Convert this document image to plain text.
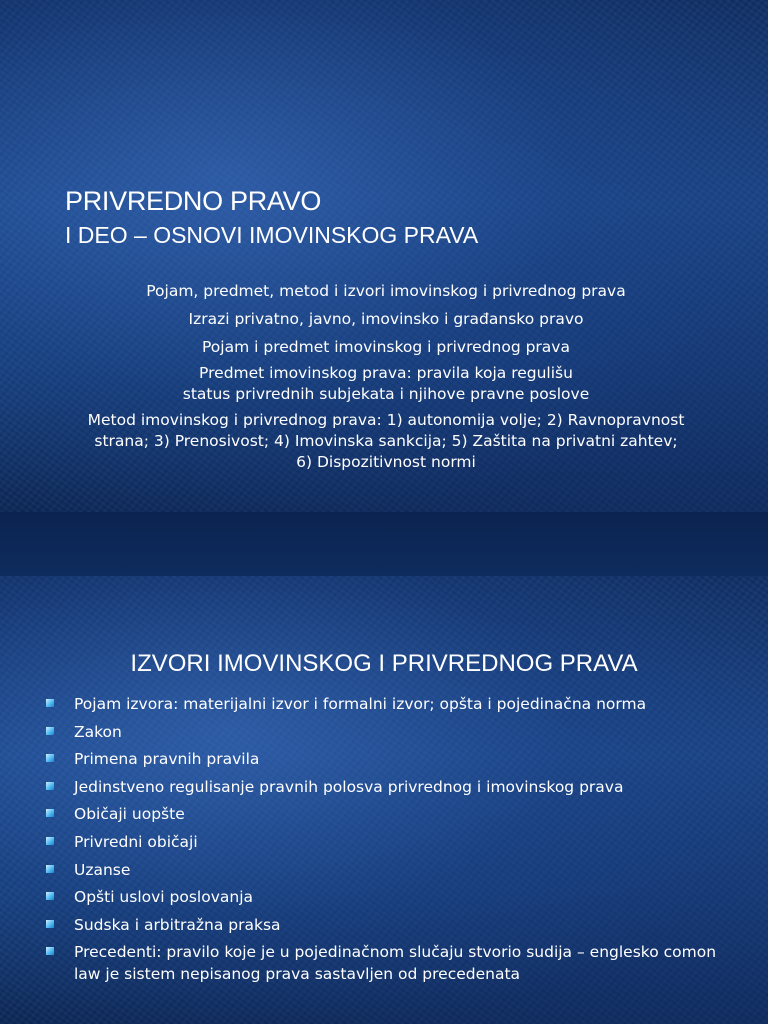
PRIVREDNO PRAVO
I DEO – OSNOVI IMOVINSKOG PRAVA
Pojam, predmet, metod i izvori imovinskog i privrednog prava
Izrazi privatno, javno, imovinsko i građansko pravo
Pojam i predmet imovinskog i privrednog prava
Predmet imovinskog prava: pravila koja regulišu status privrednih subjekata i njihove pravne poslove
Metod imovinskog i privrednog prava: 1) autonomija volje; 2) Ravnopravnost strana; 3) Prenosivost; 4) Imovinska sankcija; 5) Zaštita na privatni zahtev; 6) Dispozitivnost normi
IZVORI IMOVINSKOG I PRIVREDNOG PRAVA
Pojam izvora: materijalni izvor i formalni izvor; opšta i pojedinačna norma
Zakon
Primena pravnih pravila
Jedinstveno regulisanje pravnih polosva privrednog i imovinskog prava
Običaji uopšte
Privredni običaji
Uzanse
Opšti uslovi poslovanja
Sudska i arbitražna praksa
Precedenti: pravilo koje je u pojedinačnom slučaju stvorio sudija – englesko comon law je sistem nepisanog prava sastavljen od precedenata
